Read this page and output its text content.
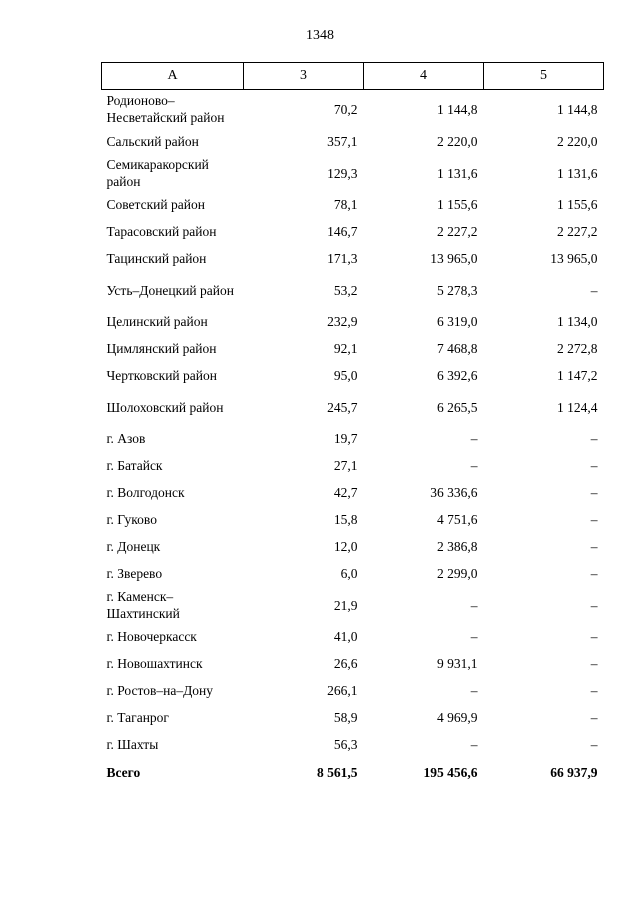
1348
А	3	4	5
Родионово–Несветайский район	70,2	1 144,8	1 144,8
Сальский район	357,1	2 220,0	2 220,0
Семикаракорский район	129,3	1 131,6	1 131,6
Советский район	78,1	1 155,6	1 155,6
Тарасовский район	146,7	2 227,2	2 227,2
Тацинский район	171,3	13 965,0	13 965,0
Усть–Донецкий район	53,2	5 278,3	–
Целинский район	232,9	6 319,0	1 134,0
Цимлянский район	92,1	7 468,8	2 272,8
Чертковский район	95,0	6 392,6	1 147,2
Шолоховский район	245,7	6 265,5	1 124,4
г. Азов	19,7	–	–
г. Батайск	27,1	–	–
г. Волгодонск	42,7	36 336,6	–
г. Гуково	15,8	4 751,6	–
г. Донецк	12,0	2 386,8	–
г. Зверево	6,0	2 299,0	–
г. Каменск–Шахтинский	21,9	–	–
г. Новочеркасск	41,0	–	–
г. Новошахтинск	26,6	9 931,1	–
г. Ростов–на–Дону	266,1	–	–
г. Таганрог	58,9	4 969,9	–
г. Шахты	56,3	–	–
Всего	8 561,5	195 456,6	66 937,9
